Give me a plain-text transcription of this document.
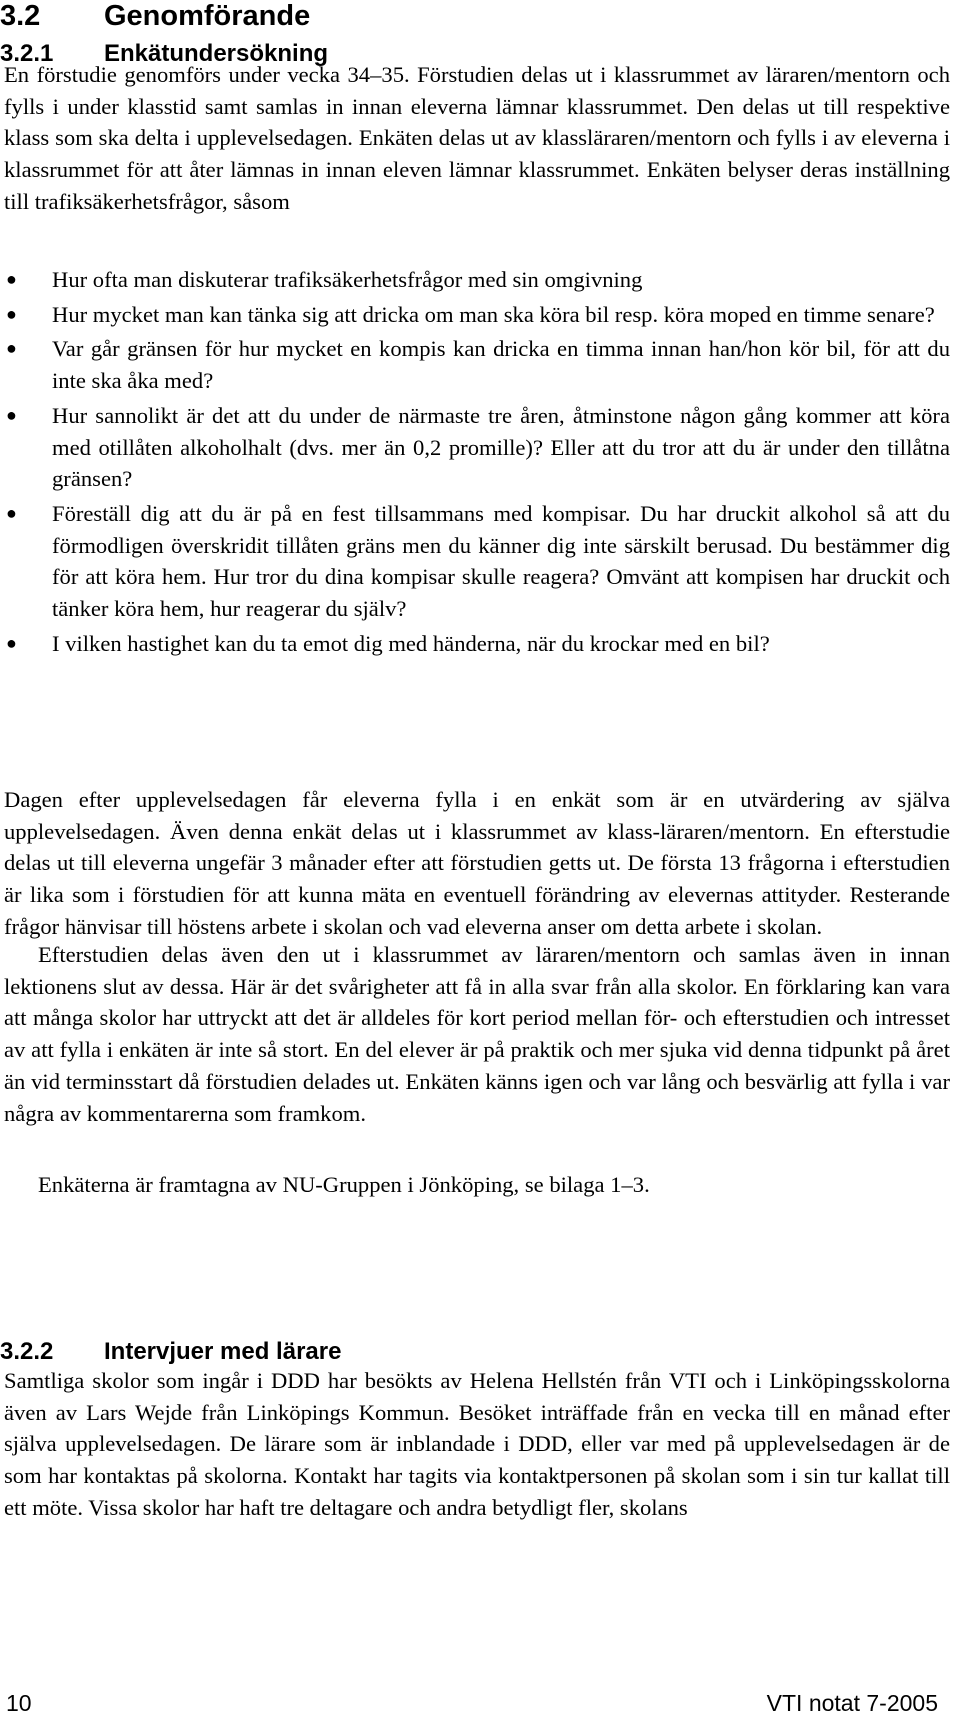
3.2 Genomförande
3.2.1 Enkätundersökning

En förstudie genomförs under vecka 34–35. Förstudien delas ut i klassrummet av läraren/mentorn och fylls i under klasstid samt samlas in innan eleverna lämnar klassrummet. Den delas ut till respektive klass som ska delta i upplevelsedagen. Enkäten delas ut av klassläraren/mentorn och fylls i av eleverna i klassrummet för att åter lämnas in innan eleven lämnar klassrummet. Enkäten belyser deras inställning till trafiksäkerhetsfrågor, såsom

● Hur ofta man diskuterar trafiksäkerhetsfrågor med sin omgivning
● Hur mycket man kan tänka sig att dricka om man ska köra bil resp. köra moped en timme senare?
● Var går gränsen för hur mycket en kompis kan dricka en timma innan han/hon kör bil, för att du inte ska åka med?
● Hur sannolikt är det att du under de närmaste tre åren, åtminstone någon gång kommer att köra med otillåten alkoholhalt (dvs. mer än 0,2 promille)? Eller att du tror att du är under den tillåtna gränsen?
● Föreställ dig att du är på en fest tillsammans med kompisar. Du har druckit alkohol så att du förmodligen överskridit tillåten gräns men du känner dig inte särskilt berusad. Du bestämmer dig för att köra hem. Hur tror du dina kompisar skulle reagera? Omvänt att kompisen har druckit och tänker köra hem, hur reagerar du själv?
● I vilken hastighet kan du ta emot dig med händerna, när du krockar med en bil?

Dagen efter upplevelsedagen får eleverna fylla i en enkät som är en utvärdering av själva upplevelsedagen. Även denna enkät delas ut i klassrummet av klass-läraren/mentorn. En efterstudie delas ut till eleverna ungefär 3 månader efter att förstudien getts ut. De första 13 frågorna i efterstudien är lika som i förstudien för att kunna mäta en eventuell förändring av elevernas attityder. Resterande frågor hänvisar till höstens arbete i skolan och vad eleverna anser om detta arbete i skolan.

Efterstudien delas även den ut i klassrummet av läraren/mentorn och samlas även in innan lektionens slut av dessa. Här är det svårigheter att få in alla svar från alla skolor. En förklaring kan vara att många skolor har uttryckt att det är alldeles för kort period mellan för- och efterstudien och intresset av att fylla i enkäten är inte så stort. En del elever är på praktik och mer sjuka vid denna tidpunkt på året än vid terminsstart då förstudien delades ut. Enkäten känns igen och var lång och besvärlig att fylla i var några av kommentarerna som framkom.

Enkäterna är framtagna av NU-Gruppen i Jönköping, se bilaga 1–3.

3.2.2 Intervjuer med lärare

Samtliga skolor som ingår i DDD har besökts av Helena Hellstén från VTI och i Linköpingsskolorna även av Lars Wejde från Linköpings Kommun. Besöket inträffade från en vecka till en månad efter själva upplevelsedagen. De lärare som är inblandade i DDD, eller var med på upplevelsedagen är de som har kontaktas på skolorna. Kontakt har tagits via kontaktpersonen på skolan som i sin tur kallat till ett möte. Vissa skolor har haft tre deltagare och andra betydligt fler, skolans

10	VTI notat 7-2005
